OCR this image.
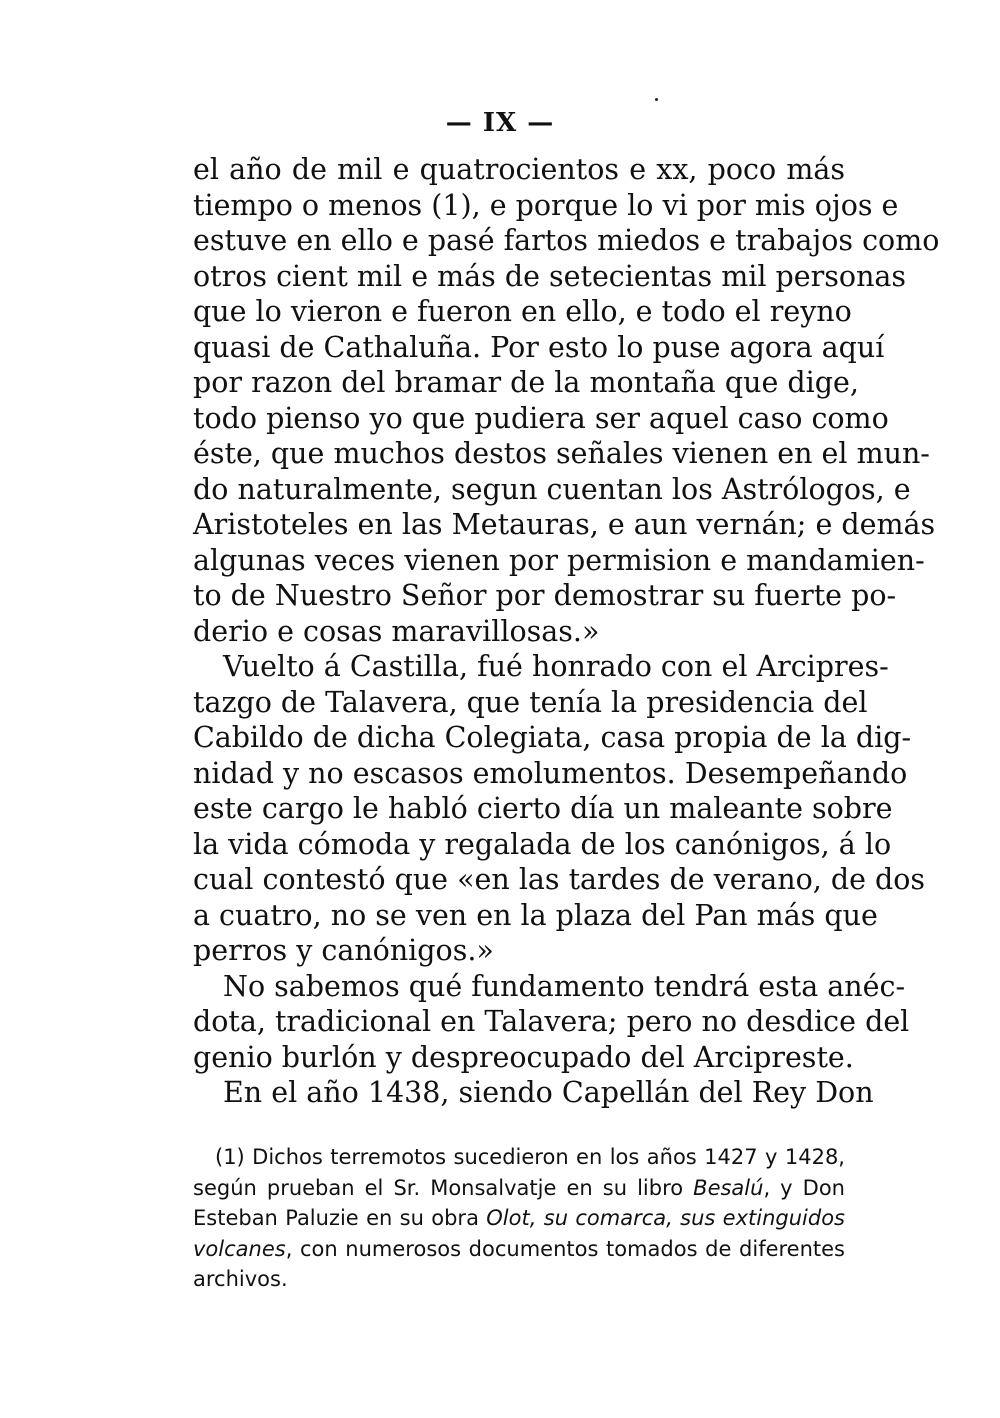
— IX —
el año de mil e quatrocientos e xx, poco más
tiempo o menos (1), e porque lo vi por mis ojos e
estuve en ello e pasé fartos miedos e trabajos como
otros cient mil e más de setecientas mil personas
que lo vieron e fueron en ello, e todo el reyno
quasi de Cathaluña. Por esto lo puse agora aquí
por razon del bramar de la montaña que dige,
todo pienso yo que pudiera ser aquel caso como
éste, que muchos destos señales vienen en el mun-
do naturalmente, segun cuentan los Astrólogos, e
Aristoteles en las Metauras, e aun vernán; e demás
algunas veces vienen por permision e mandamien-
to de Nuestro Señor por demostrar su fuerte po-
derio e cosas maravillosas.»
Vuelto á Castilla, fué honrado con el Arcipres-
tazgo de Talavera, que tenía la presidencia del
Cabildo de dicha Colegiata, casa propia de la dig-
nidad y no escasos emolumentos. Desempeñando
este cargo le habló cierto día un maleante sobre
la vida cómoda y regalada de los canónigos, á lo
cual contestó que «en las tardes de verano, de dos
a cuatro, no se ven en la plaza del Pan más que
perros y canónigos.»
No sabemos qué fundamento tendrá esta anéc-
dota, tradicional en Talavera; pero no desdice del
genio burlón y despreocupado del Arcipreste.
En el año 1438, siendo Capellán del Rey Don
(1) Dichos terremotos sucedieron en los años 1427 y 1428,
según prueban el Sr. Monsalvatje en su libro Besalú, y Don
Esteban Paluzie en su obra Olot, su comarca, sus extinguidos
volcanes, con numerosos documentos tomados de diferentes
archivos.
